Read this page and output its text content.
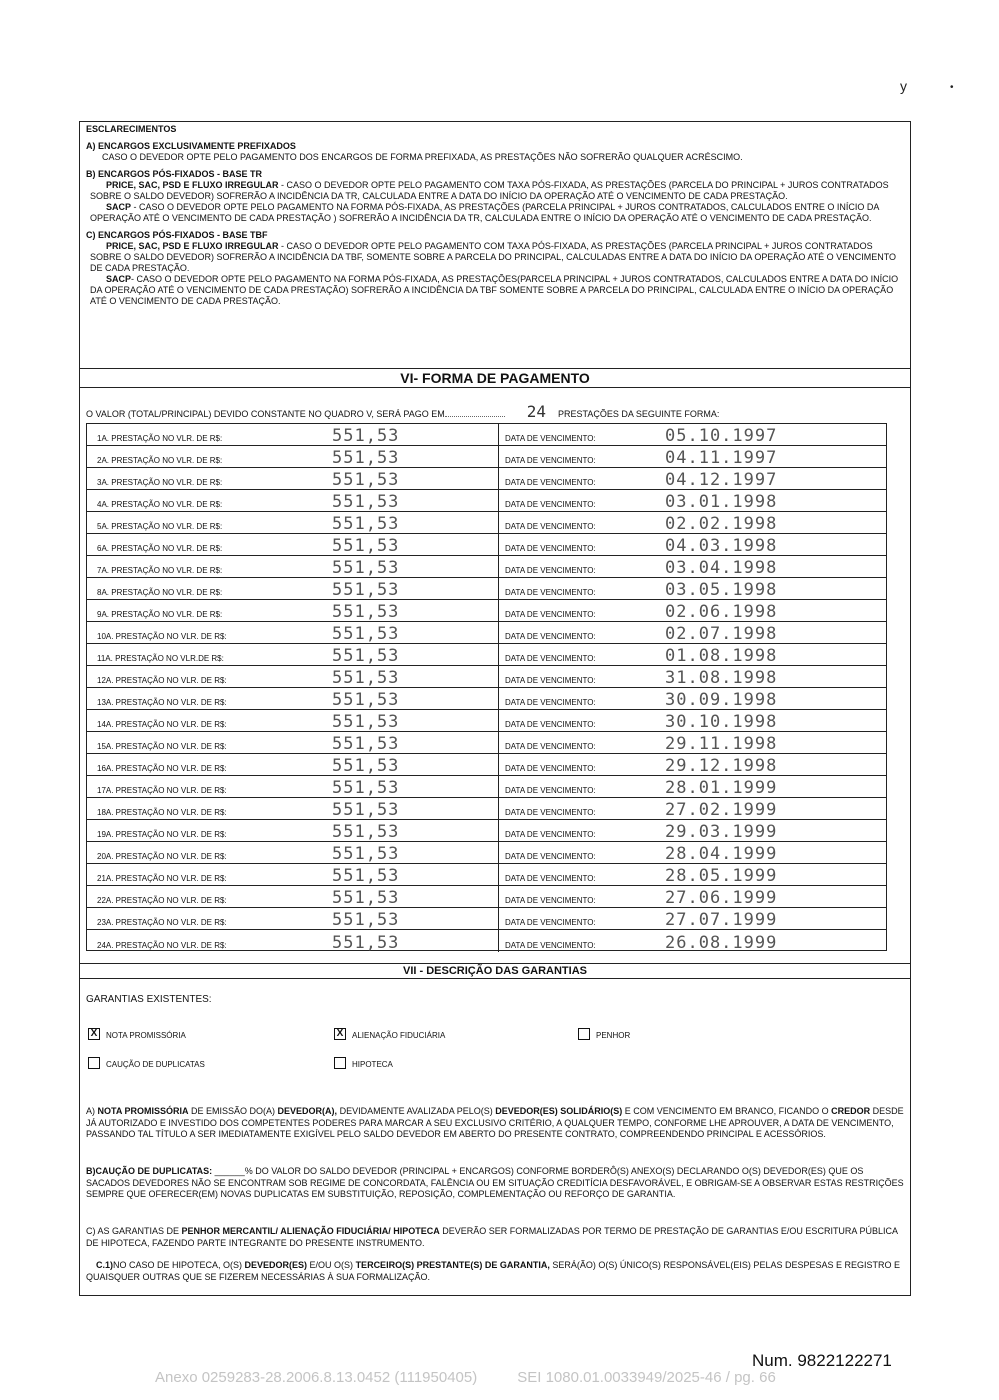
y	•
ESCLARECIMENTOS
A) ENCARGOS EXCLUSIVAMENTE PREFIXADOS
CASO O DEVEDOR OPTE PELO PAGAMENTO DOS ENCARGOS DE FORMA PREFIXADA, AS PRESTAÇÕES NÃO SOFRERÃO QUALQUER ACRÉSCIMO.
B) ENCARGOS PÓS-FIXADOS - BASE TR
PRICE, SAC, PSD E FLUXO IRREGULAR - CASO O DEVEDOR OPTE PELO PAGAMENTO COM TAXA PÓS-FIXADA, AS PRESTAÇÕES (PARCELA DO PRINCIPAL + JUROS CONTRATADOS SOBRE O SALDO DEVEDOR) SOFRERÃO A INCIDÊNCIA DA TR, CALCULADA ENTRE A DATA DO INÍCIO DA OPERAÇÃO ATÉ O VENCIMENTO DE CADA PRESTAÇÃO.
SACP - CASO O DEVEDOR OPTE PELO PAGAMENTO NA FORMA PÓS-FIXADA, AS PRESTAÇÕES (PARCELA PRINCIPAL + JUROS CONTRATADOS, CALCULADOS ENTRE O INÍCIO DA OPERAÇÃO ATÉ O VENCIMENTO DE CADA PRESTAÇÃO ) SOFRERÃO A INCIDÊNCIA DA TR, CALCULADA ENTRE O INÍCIO DA OPERAÇÃO ATÉ O VENCIMENTO DE CADA PRESTAÇÃO.
C) ENCARGOS PÓS-FIXADOS - BASE TBF
PRICE, SAC, PSD E FLUXO IRREGULAR - CASO O DEVEDOR OPTE PELO PAGAMENTO COM TAXA PÓS-FIXADA, AS PRESTAÇÕES (PARCELA PRINCIPAL + JUROS CONTRATADOS SOBRE O SALDO DEVEDOR) SOFRERÃO A INCIDÊNCIA DA TBF, SOMENTE SOBRE A PARCELA DO PRINCIPAL, CALCULADAS ENTRE A DATA DO INÍCIO DA OPERAÇÃO ATÉ O VENCIMENTO DE CADA PRESTAÇÃO.
SACP- CASO O DEVEDOR OPTE PELO PAGAMENTO NA FORMA PÓS-FIXADA, AS PRESTAÇÕES(PARCELA PRINCIPAL + JUROS CONTRATADOS, CALCULADOS ENTRE A DATA DO INÍCIO DA OPERAÇÃO ATÉ O VENCIMENTO DE CADA PRESTAÇÃO) SOFRERÃO A INCIDÊNCIA DA TBF SOMENTE SOBRE A PARCELA DO PRINCIPAL, CALCULADA ENTRE O INÍCIO DA OPERAÇÃO ATÉ O VENCIMENTO DE CADA PRESTAÇÃO.
VI- FORMA DE PAGAMENTO
O VALOR (TOTAL/PRINCIPAL) DEVIDO CONSTANTE NO QUADRO V, SERÁ PAGO EM	24 PRESTAÇÕES DA SEGUINTE FORMA:
1A. PRESTAÇÃO NO VLR. DE R$:	551,53	DATA DE VENCIMENTO:	05.10.1997
2A. PRESTAÇÃO NO VLR. DE R$:	551,53	DATA DE VENCIMENTO:	04.11.1997
3A. PRESTAÇÃO NO VLR. DE R$:	551,53	DATA DE VENCIMENTO:	04.12.1997
4A. PRESTAÇÃO NO VLR. DE R$:	551,53	DATA DE VENCIMENTO:	03.01.1998
5A. PRESTAÇÃO NO VLR. DE R$:	551,53	DATA DE VENCIMENTO:	02.02.1998
6A. PRESTAÇÃO NO VLR. DE R$:	551,53	DATA DE VENCIMENTO:	04.03.1998
7A. PRESTAÇÃO NO VLR. DE R$:	551,53	DATA DE VENCIMENTO:	03.04.1998
8A. PRESTAÇÃO NO VLR. DE R$:	551,53	DATA DE VENCIMENTO:	03.05.1998
9A. PRESTAÇÃO NO VLR. DE R$:	551,53	DATA DE VENCIMENTO:	02.06.1998
10A. PRESTAÇÃO NO VLR. DE R$:	551,53	DATA DE VENCIMENTO:	02.07.1998
11A. PRESTAÇÃO NO VLR.DE R$:	551,53	DATA DE VENCIMENTO:	01.08.1998
12A. PRESTAÇÃO NO VLR. DE R$:	551,53	DATA DE VENCIMENTO:	31.08.1998
13A. PRESTAÇÃO NO VLR. DE R$:	551,53	DATA DE VENCIMENTO:	30.09.1998
14A. PRESTAÇÃO NO VLR. DE R$:	551,53	DATA DE VENCIMENTO:	30.10.1998
15A. PRESTAÇÃO NO VLR. DE R$:	551,53	DATA DE VENCIMENTO:	29.11.1998
16A. PRESTAÇÃO NO VLR. DE R$:	551,53	DATA DE VENCIMENTO:	29.12.1998
17A. PRESTAÇÃO NO VLR. DE R$:	551,53	DATA DE VENCIMENTO:	28.01.1999
18A. PRESTAÇÃO NO VLR. DE R$:	551,53	DATA DE VENCIMENTO:	27.02.1999
19A. PRESTAÇÃO NO VLR. DE R$:	551,53	DATA DE VENCIMENTO:	29.03.1999
20A. PRESTAÇÃO NO VLR. DE R$:	551,53	DATA DE VENCIMENTO:	28.04.1999
21A. PRESTAÇÃO NO VLR. DE R$:	551,53	DATA DE VENCIMENTO:	28.05.1999
22A. PRESTAÇÃO NO VLR. DE R$:	551,53	DATA DE VENCIMENTO:	27.06.1999
23A. PRESTAÇÃO NO VLR. DE R$:	551,53	DATA DE VENCIMENTO:	27.07.1999
24A. PRESTAÇÃO NO VLR. DE R$:	551,53	DATA DE VENCIMENTO:	26.08.1999
VII - DESCRIÇÃO DAS GARANTIAS
GARANTIAS EXISTENTES:
X NOTA PROMISSÓRIA	X ALIENAÇÃO FIDUCIÁRIA	PENHOR
CAUÇÃO DE DUPLICATAS	HIPOTECA
A) NOTA PROMISSÓRIA DE EMISSÃO DO(A) DEVEDOR(A), DEVIDAMENTE AVALIZADA PELO(S) DEVEDOR(ES) SOLIDÁRIO(S) E COM VENCIMENTO EM BRANCO, FICANDO O CREDOR DESDE JÁ AUTORIZADO E INVESTIDO DOS COMPETENTES PODERES PARA MARCAR A SEU EXCLUSIVO CRITÉRIO, A QUALQUER TEMPO, CONFORME LHE APROUVER, A DATA DE VENCIMENTO, PASSANDO TAL TÍTULO A SER IMEDIATAMENTE EXIGÍVEL PELO SALDO DEVEDOR EM ABERTO DO PRESENTE CONTRATO, COMPREENDENDO PRINCIPAL E ACESSÓRIOS.
B)CAUÇÃO DE DUPLICATAS: ______% DO VALOR DO SALDO DEVEDOR (PRINCIPAL + ENCARGOS) CONFORME BORDERÔ(S) ANEXO(S) DECLARANDO O(S) DEVEDOR(ES) QUE OS SACADOS DEVEDORES NÃO SE ENCONTRAM SOB REGIME DE CONCORDATA, FALÊNCIA OU EM SITUAÇÃO CREDITÍCIA DESFAVORÁVEL, E OBRIGAM-SE A OBSERVAR ESTAS RESTRIÇÕES SEMPRE QUE OFERECER(EM) NOVAS DUPLICATAS EM SUBSTITUIÇÃO, REPOSIÇÃO, COMPLEMENTAÇÃO OU REFORÇO DE GARANTIA.
C) AS GARANTIAS DE PENHOR MERCANTIL/ ALIENAÇÃO FIDUCIÁRIA/ HIPOTECA DEVERÃO SER FORMALIZADAS POR TERMO DE PRESTAÇÃO DE GARANTIAS E/OU ESCRITURA PÚBLICA DE HIPOTECA, FAZENDO PARTE INTEGRANTE DO PRESENTE INSTRUMENTO.
C.1)NO CASO DE HIPOTECA, O(S) DEVEDOR(ES) E/OU O(S) TERCEIRO(S) PRESTANTE(S) DE GARANTIA, SERÁ(ÃO) O(S) ÚNICO(S) RESPONSÁVEL(EIS) PELAS DESPESAS E REGISTRO E QUAISQUER OUTRAS QUE SE FIZEREM NECESSÁRIAS À SUA FORMALIZAÇÃO.
Num. 9822122271
Anexo 0259283-28.2006.8.13.0452 (111950405)	SEI 1080.01.0033949/2025-46 / pg. 66
